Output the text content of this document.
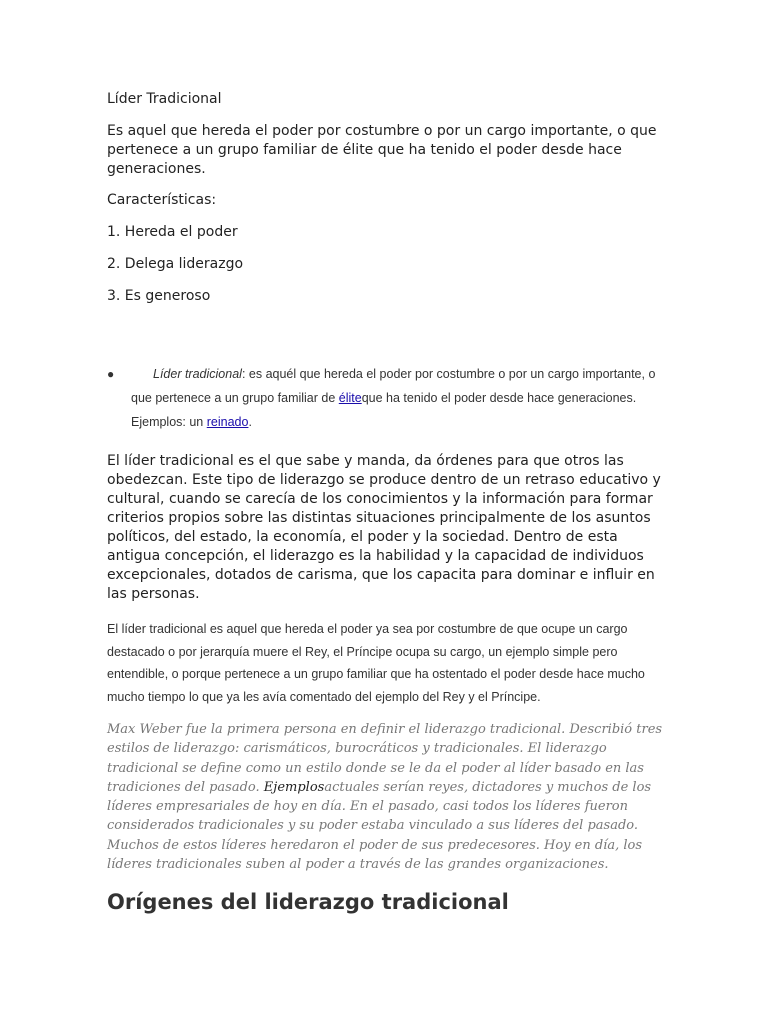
Líder Tradicional

Es aquel que hereda el poder por costumbre o por un cargo importante, o que pertenece a un grupo familiar de élite que ha tenido el poder desde hace generaciones.

Características:

1. Hereda el poder

2. Delega liderazgo

3. Es generoso

●	Líder tradicional: es aquél que hereda el poder por costumbre o por un cargo importante, o que pertenece a un grupo familiar de éliteque ha tenido el poder desde hace generaciones. Ejemplos: un reinado.

El líder tradicional es el que sabe y manda, da órdenes para que otros las obedezcan. Este tipo de liderazgo se produce dentro de un retraso educativo y cultural, cuando se carecía de los conocimientos y la información para formar criterios propios sobre las distintas situaciones principalmente de los asuntos políticos, del estado, la economía, el poder y la sociedad. Dentro de esta antigua concepción, el liderazgo es la habilidad y la capacidad de individuos excepcionales, dotados de carisma, que los capacita para dominar e influir en las personas.

El líder tradicional es aquel que hereda el poder ya sea por costumbre de que ocupe un cargo destacado o por jerarquía muere el Rey, el Príncipe ocupa su cargo, un ejemplo simple pero entendible, o porque pertenece a un grupo familiar que ha ostentado el poder desde hace mucho mucho tiempo lo que ya les avía comentado del ejemplo del Rey y el Príncipe.

Max Weber fue la primera persona en definir el liderazgo tradicional. Describió tres estilos de liderazgo: carismáticos, burocráticos y tradicionales. El liderazgo tradicional se define como un estilo donde se le da el poder al líder basado en las tradiciones del pasado. Ejemplosactuales serían reyes, dictadores y muchos de los líderes empresariales de hoy en día. En el pasado, casi todos los líderes fueron considerados tradicionales y su poder estaba vinculado a sus líderes del pasado. Muchos de estos líderes heredaron el poder de sus predecesores. Hoy en día, los líderes tradicionales suben al poder a través de las grandes organizaciones.

Orígenes del liderazgo tradicional
